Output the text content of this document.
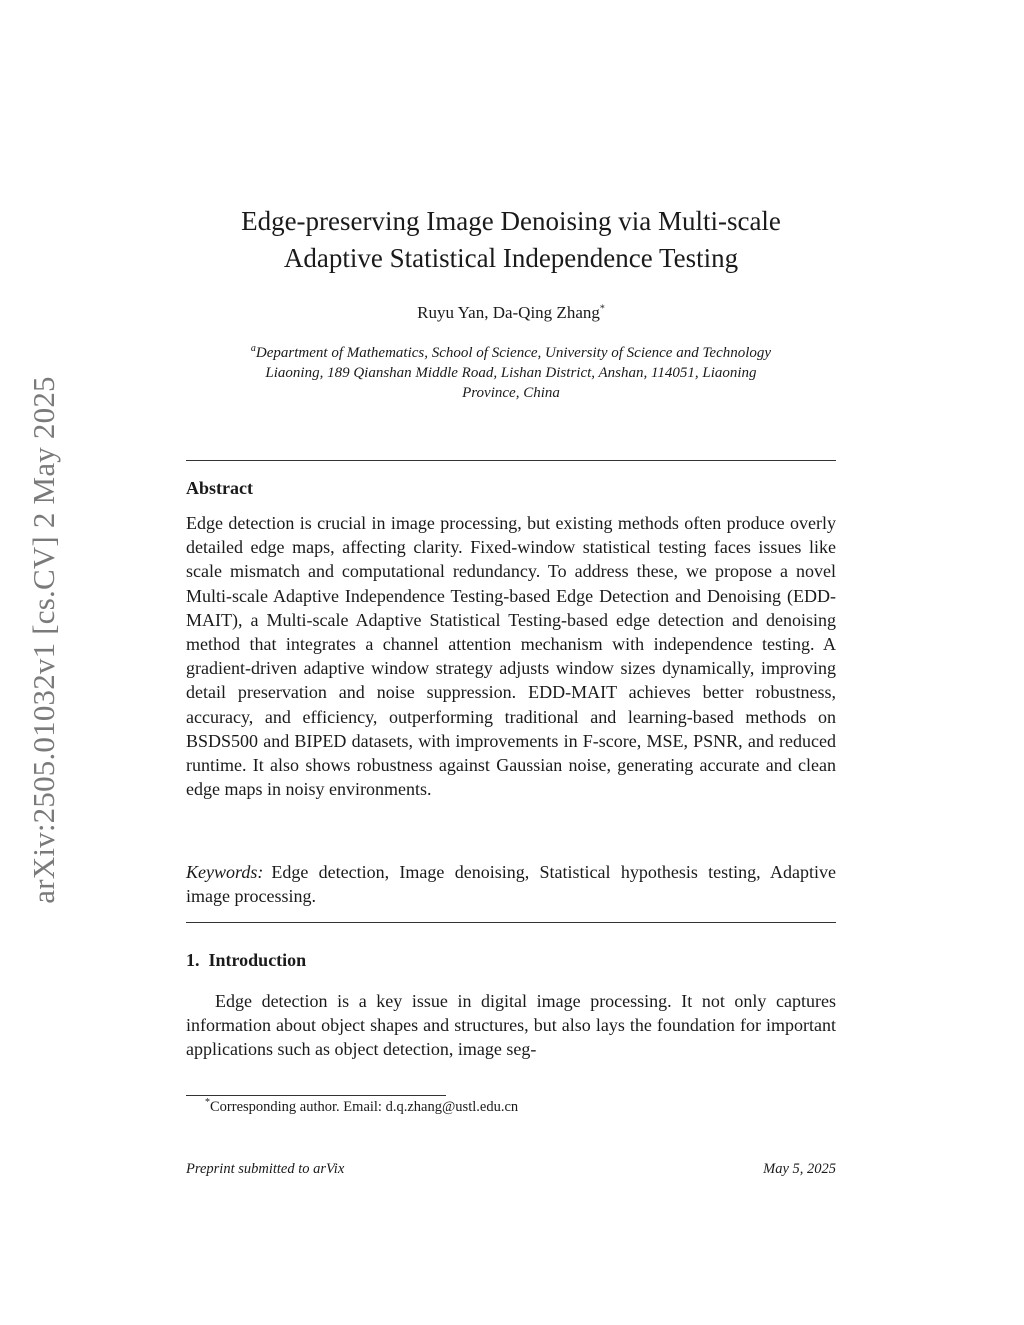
arXiv:2505.01032v1 [cs.CV] 2 May 2025
Edge-preserving Image Denoising via Multi-scale
Adaptive Statistical Independence Testing
Ruyu Yan, Da-Qing Zhang*
$^a$Department of Mathematics, School of Science, University of Science and Technology
Liaoning, 189 Qianshan Middle Road, Lishan District, Anshan, 114051, Liaoning
Province, China
Abstract

Edge detection is crucial in image processing, but existing methods often produce overly detailed edge maps, affecting clarity. Fixed-window statistical testing faces issues like scale mismatch and computational redundancy. To address these, we propose a novel Multi-scale Adaptive Independence Testing-based Edge Detection and Denoising (EDD-MAIT), a Multi-scale Adaptive Statistical Testing-based edge detection and denoising method that integrates a channel attention mechanism with independence testing. A gradient-driven adaptive window strategy adjusts window sizes dynamically, improving detail preservation and noise suppression. EDD-MAIT achieves better robustness, accuracy, and efficiency, outperforming traditional and learning-based methods on BSDS500 and BIPED datasets, with improvements in F-score, MSE, PSNR, and reduced runtime. It also shows robustness against Gaussian noise, generating accurate and clean edge maps in noisy environments.

Keywords: Edge detection, Image denoising, Statistical hypothesis testing, Adaptive image processing.

1. Introduction

Edge detection is a key issue in digital image processing. It not only captures information about object shapes and structures, but also lays the foundation for important applications such as object detection, image seg-

*Corresponding author. Email: d.q.zhang@ustl.edu.cn
Preprint submitted to arVix	May 5, 2025
